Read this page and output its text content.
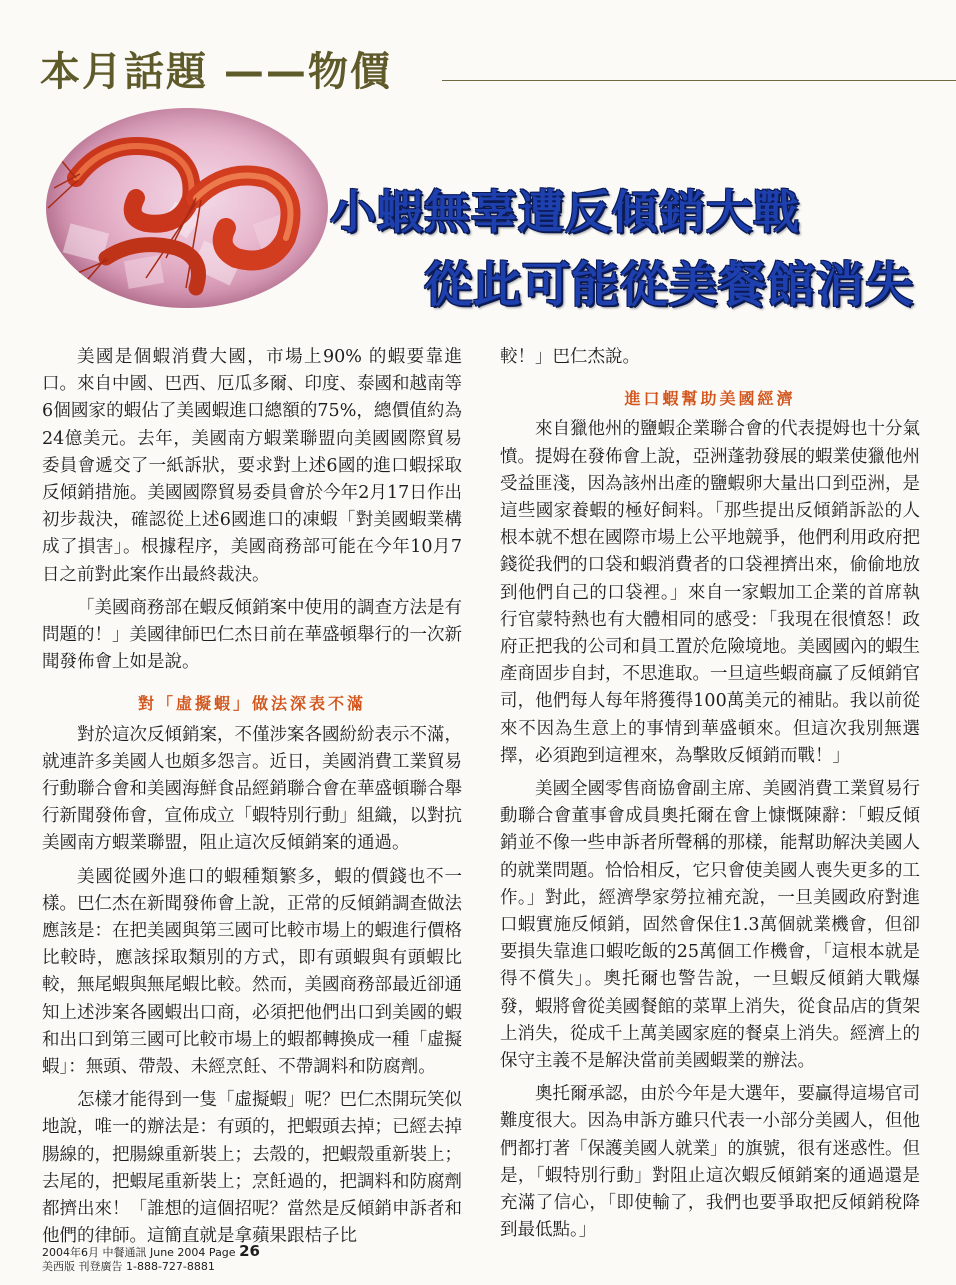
本月話題 ——物價
小蝦無辜遭反傾銷大戰
從此可能從美餐館消失

美國是個蝦消費大國，市場上90% 的蝦要靠進口。來自中國、巴西、厄瓜多爾、印度、泰國和越南等6個國家的蝦佔了美國蝦進口總額的75%，總價值約為24億美元。去年，美國南方蝦業聯盟向美國國際貿易委員會遞交了一紙訴狀，要求對上述6國的進口蝦採取反傾銷措施。美國國際貿易委員會於今年2月17日作出初步裁決，確認從上述6國進口的凍蝦「對美國蝦業構成了損害」。根據程序，美國商務部可能在今年10月7日之前對此案作出最終裁決。

「美國商務部在蝦反傾銷案中使用的調查方法是有問題的！」美國律師巴仁杰日前在華盛頓舉行的一次新聞發佈會上如是說。

對「虛擬蝦」做法深表不滿

對於這次反傾銷案，不僅涉案各國紛紛表示不滿，就連許多美國人也頗多怨言。近日，美國消費工業貿易行動聯合會和美國海鮮食品經銷聯合會在華盛頓聯合舉行新聞發佈會，宣佈成立「蝦特別行動」組織，以對抗美國南方蝦業聯盟，阻止這次反傾銷案的通過。

美國從國外進口的蝦種類繁多，蝦的價錢也不一樣。巴仁杰在新聞發佈會上說，正常的反傾銷調查做法應該是：在把美國與第三國可比較市場上的蝦進行價格比較時，應該採取類別的方式，即有頭蝦與有頭蝦比較，無尾蝦與無尾蝦比較。然而，美國商務部最近卻通知上述涉案各國蝦出口商，必須把他們出口到美國的蝦和出口到第三國可比較市場上的蝦都轉換成一種「虛擬蝦」：無頭、帶殼、未經烹飪、不帶調料和防腐劑。

怎樣才能得到一隻「虛擬蝦」呢？巴仁杰開玩笑似地說，唯一的辦法是：有頭的，把蝦頭去掉；已經去掉腸線的，把腸線重新裝上；去殼的，把蝦殼重新裝上；去尾的，把蝦尾重新裝上；烹飪過的，把調料和防腐劑都擠出來！「誰想的這個招呢？當然是反傾銷申訴者和他們的律師。這簡直就是拿蘋果跟桔子比

較！」巴仁杰說。

進口蝦幫助美國經濟

來自獵他州的鹽蝦企業聯合會的代表提姆也十分氣憤。提姆在發佈會上說，亞洲蓬勃發展的蝦業使獵他州受益匪淺，因為該州出產的鹽蝦卵大量出口到亞洲，是這些國家養蝦的極好飼料。「那些提出反傾銷訴訟的人根本就不想在國際市場上公平地競爭，他們利用政府把錢從我們的口袋和蝦消費者的口袋裡擠出來，偷偷地放到他們自己的口袋裡。」來自一家蝦加工企業的首席執行官蒙特熱也有大體相同的感受：「我現在很憤怒！政府正把我的公司和員工置於危險境地。美國國內的蝦生產商固步自封，不思進取。一旦這些蝦商贏了反傾銷官司，他們每人每年將獲得100萬美元的補貼。我以前從來不因為生意上的事情到華盛頓來。但這次我別無選擇，必須跑到這裡來，為擊敗反傾銷而戰！」

美國全國零售商協會副主席、美國消費工業貿易行動聯合會董事會成員奧托爾在會上慷慨陳辭：「蝦反傾銷並不像一些申訴者所聲稱的那樣，能幫助解決美國人的就業問題。恰恰相反，它只會使美國人喪失更多的工作。」對此，經濟學家勞拉補充說，一旦美國政府對進口蝦實施反傾銷，固然會保住1.3萬個就業機會，但卻要損失靠進口蝦吃飯的25萬個工作機會，「這根本就是得不償失」。奧托爾也警告說，一旦蝦反傾銷大戰爆發，蝦將會從美國餐館的菜單上消失，從食品店的貨架上消失，從成千上萬美國家庭的餐桌上消失。經濟上的保守主義不是解決當前美國蝦業的辦法。

奧托爾承認，由於今年是大選年，要贏得這場官司難度很大。因為申訴方雖只代表一小部分美國人，但他們都打著「保護美國人就業」的旗號，很有迷惑性。但是，「蝦特別行動」對阻止這次蝦反傾銷案的通過還是充滿了信心，「即使輸了，我們也要爭取把反傾銷稅降到最低點。」

2004年6月 中餐通訊 June 2004 Page 26
美西版 刊登廣告 1-888-727-8881
